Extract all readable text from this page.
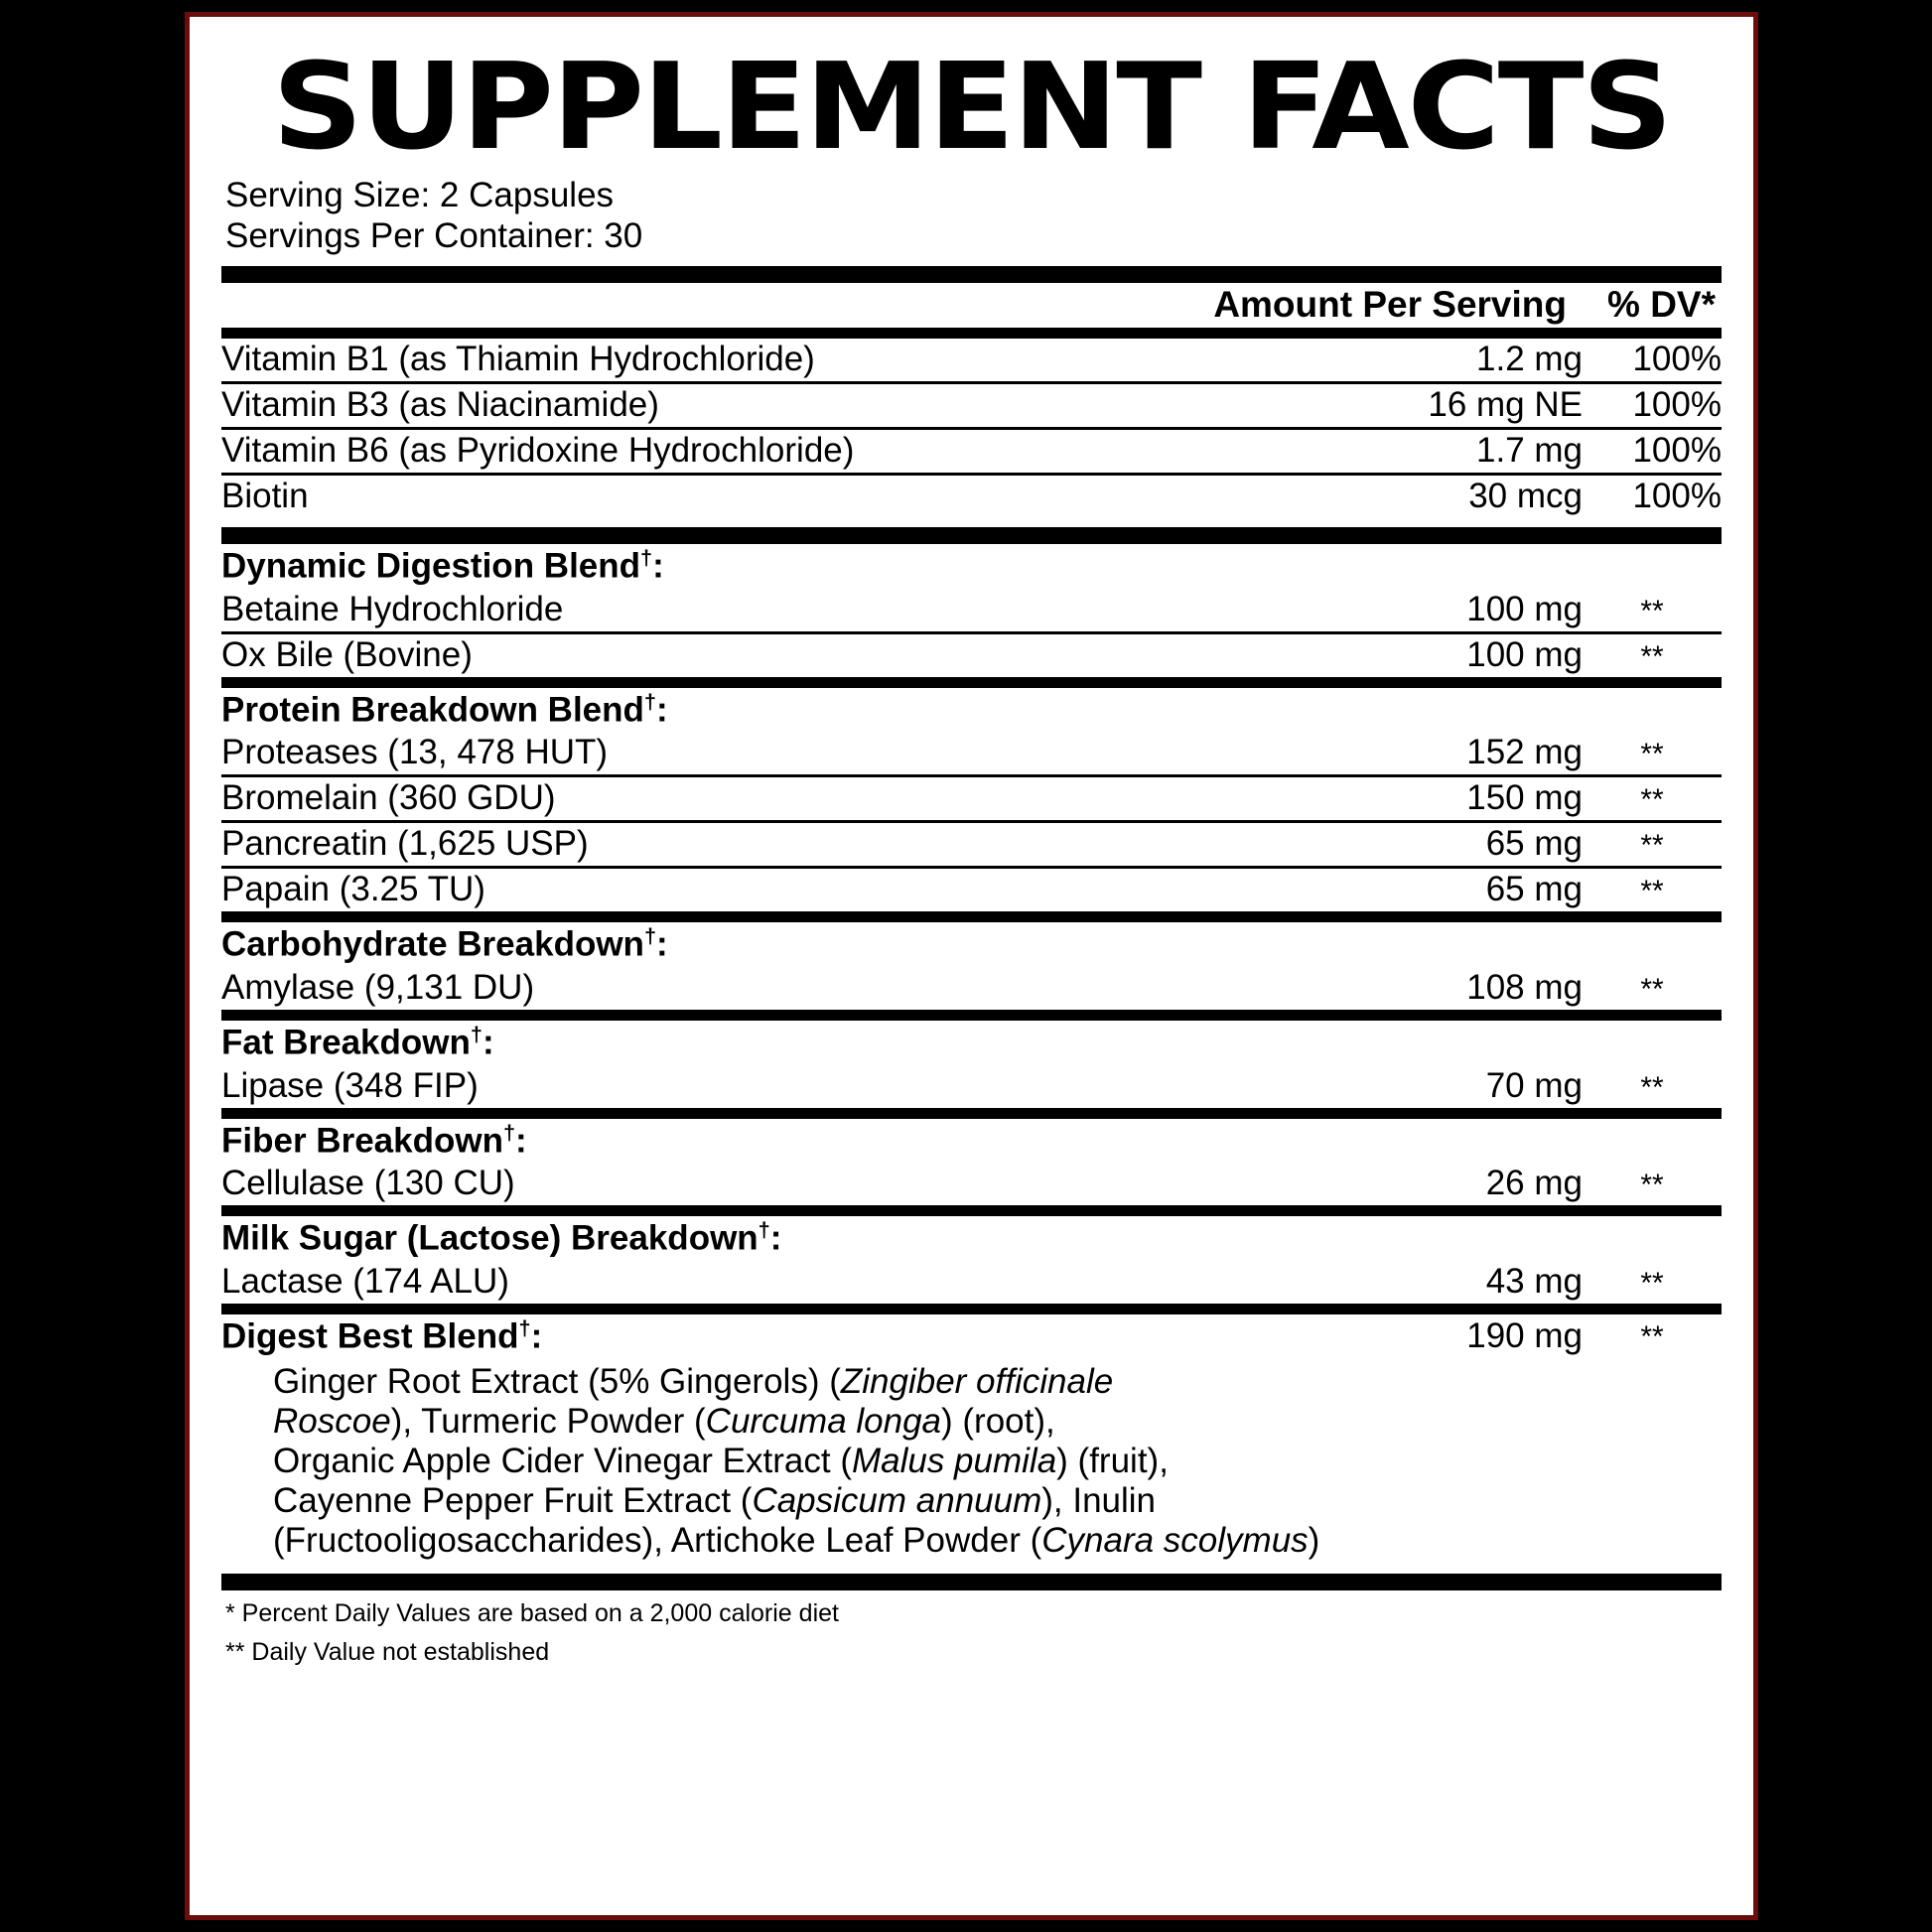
SUPPLEMENT FACTS
Serving Size: 2 Capsules
Servings Per Container: 30
	Amount Per Serving	% DV*
Vitamin B1 (as Thiamin Hydrochloride)	1.2 mg	100%
Vitamin B3 (as Niacinamide)	16 mg NE	100%
Vitamin B6 (as Pyridoxine Hydrochloride)	1.7 mg	100%
Biotin	30 mcg	100%
Dynamic Digestion Blend†:		
Betaine Hydrochloride	100 mg	**
Ox Bile (Bovine)	100 mg	**
Protein Breakdown Blend†:		
Proteases (13, 478 HUT)	152 mg	**
Bromelain (360 GDU)	150 mg	**
Pancreatin (1,625 USP)	65 mg	**
Papain (3.25 TU)	65 mg	**
Carbohydrate Breakdown†:
Amylase (9,131 DU)	108 mg	**
Fat Breakdown†:
Lipase (348 FIP)	70 mg	**
Fiber Breakdown†:
Cellulase (130 CU)	26 mg	**
Milk Sugar (Lactose) Breakdown†:
Lactase (174 ALU)	43 mg	**
Digest Best Blend†:	190 mg	**
Ginger Root Extract (5% Gingerols) (Zingiber officinale
Roscoe), Turmeric Powder (Curcuma longa) (root),
Organic Apple Cider Vinegar Extract (Malus pumila) (fruit),
Cayenne Pepper Fruit Extract (Capsicum annuum), Inulin
(Fructooligosaccharides), Artichoke Leaf Powder (Cynara scolymus)
* Percent Daily Values are based on a 2,000 calorie diet
** Daily Value not established
